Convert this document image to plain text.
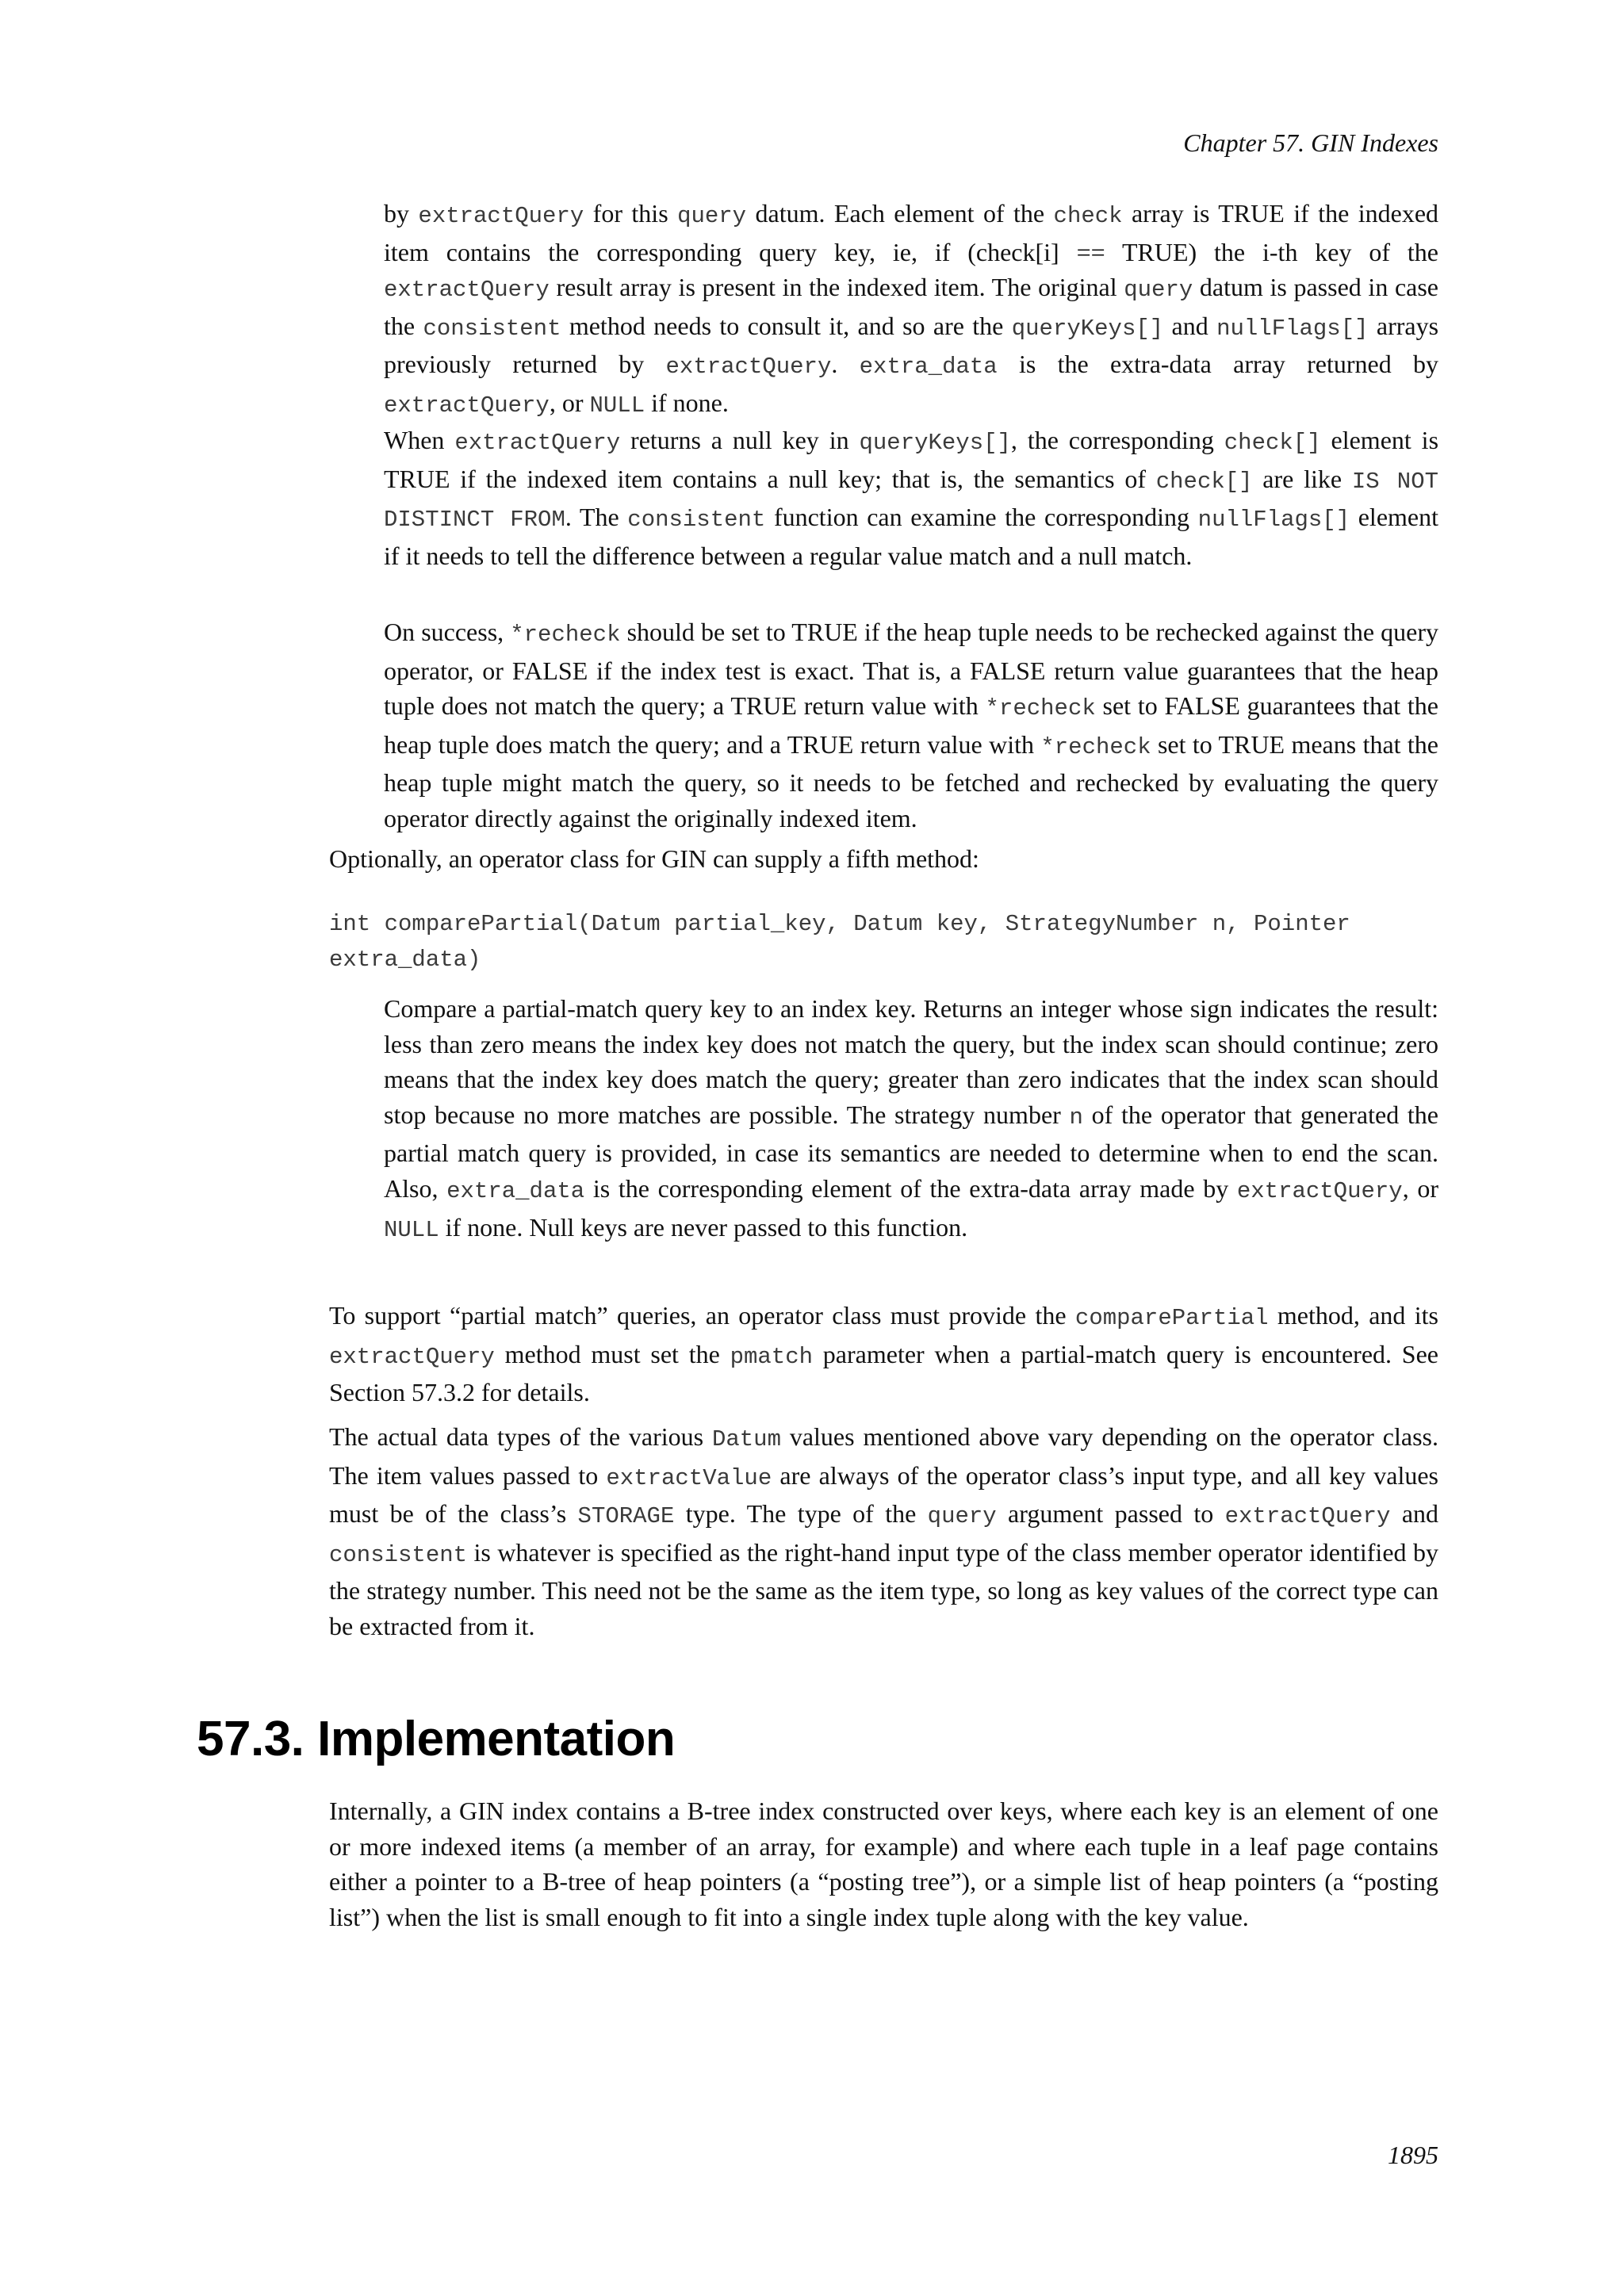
Chapter 57. GIN Indexes

by extractQuery for this query datum. Each element of the check array is TRUE if the indexed item contains the corresponding query key, ie, if (check[i] == TRUE) the i-th key of the extractQuery result array is present in the indexed item. The original query datum is passed in case the consistent method needs to consult it, and so are the queryKeys[] and nullFlags[] arrays previously returned by extractQuery. extra_data is the extra-data array returned by extractQuery, or NULL if none.

When extractQuery returns a null key in queryKeys[], the corresponding check[] element is TRUE if the indexed item contains a null key; that is, the semantics of check[] are like IS NOT DISTINCT FROM. The consistent function can examine the corresponding nullFlags[] element if it needs to tell the difference between a regular value match and a null match.

On success, *recheck should be set to TRUE if the heap tuple needs to be rechecked against the query operator, or FALSE if the index test is exact. That is, a FALSE return value guarantees that the heap tuple does not match the query; a TRUE return value with *recheck set to FALSE guarantees that the heap tuple does match the query; and a TRUE return value with *recheck set to TRUE means that the heap tuple might match the query, so it needs to be fetched and rechecked by evaluating the query operator directly against the originally indexed item.

Optionally, an operator class for GIN can supply a fifth method:

int comparePartial(Datum partial_key, Datum key, StrategyNumber n, Pointer
extra_data)

Compare a partial-match query key to an index key. Returns an integer whose sign indicates the result: less than zero means the index key does not match the query, but the index scan should continue; zero means that the index key does match the query; greater than zero indicates that the index scan should stop because no more matches are possible. The strategy number n of the operator that generated the partial match query is provided, in case its semantics are needed to determine when to end the scan. Also, extra_data is the corresponding element of the extra-data array made by extractQuery, or NULL if none. Null keys are never passed to this function.

To support “partial match” queries, an operator class must provide the comparePartial method, and its extractQuery method must set the pmatch parameter when a partial-match query is encountered. See Section 57.3.2 for details.

The actual data types of the various Datum values mentioned above vary depending on the operator class. The item values passed to extractValue are always of the operator class’s input type, and all key values must be of the class’s STORAGE type. The type of the query argument passed to extractQuery and consistent is whatever is specified as the right-hand input type of the class member operator identified by the strategy number. This need not be the same as the item type, so long as key values of the correct type can be extracted from it.

57.3. Implementation

Internally, a GIN index contains a B-tree index constructed over keys, where each key is an element of one or more indexed items (a member of an array, for example) and where each tuple in a leaf page contains either a pointer to a B-tree of heap pointers (a “posting tree”), or a simple list of heap pointers (a “posting list”) when the list is small enough to fit into a single index tuple along with the key value.

1895
